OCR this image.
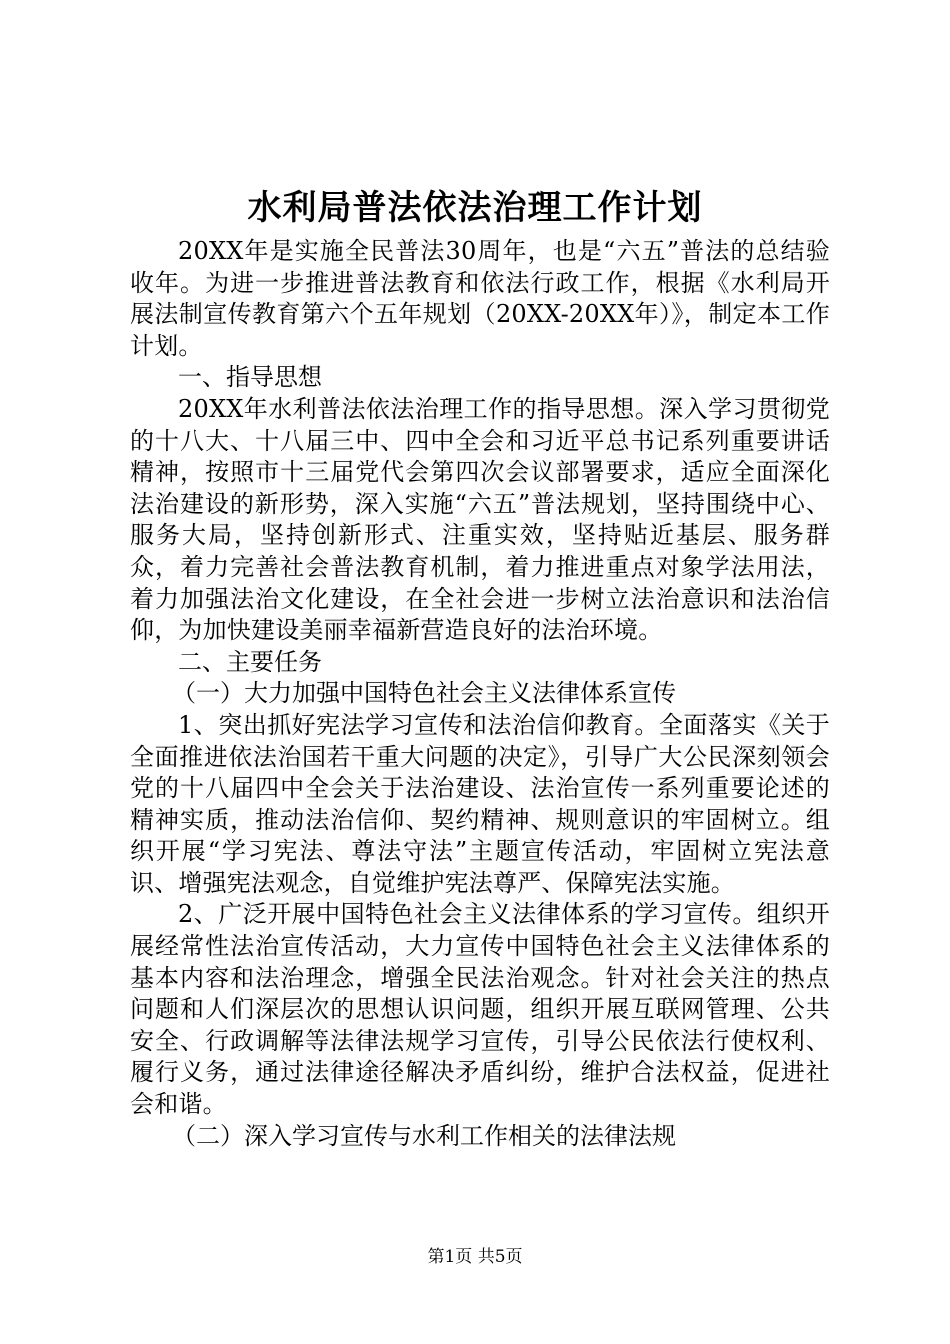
水利局普法依法治理工作计划

20XX年是实施全民普法30周年，也是“六五”普法的总结验收年。为进一步推进普法教育和依法行政工作，根据《水利局开展法制宣传教育第六个五年规划（20XX-20XX年）》，制定本工作计划。

一、指导思想

20XX年水利普法依法治理工作的指导思想。深入学习贯彻党的十八大、十八届三中、四中全会和习近平总书记系列重要讲话精神，按照市十三届党代会第四次会议部署要求，适应全面深化法治建设的新形势，深入实施“六五”普法规划，坚持围绕中心、服务大局，坚持创新形式、注重实效，坚持贴近基层、服务群众，着力完善社会普法教育机制，着力推进重点对象学法用法，着力加强法治文化建设，在全社会进一步树立法治意识和法治信仰，为加快建设美丽幸福新营造良好的法治环境。

二、主要任务

（一）大力加强中国特色社会主义法律体系宣传

1、突出抓好宪法学习宣传和法治信仰教育。全面落实《关于全面推进依法治国若干重大问题的决定》，引导广大公民深刻领会党的十八届四中全会关于法治建设、法治宣传一系列重要论述的精神实质，推动法治信仰、契约精神、规则意识的牢固树立。组织开展“学习宪法、尊法守法”主题宣传活动，牢固树立宪法意识、增强宪法观念，自觉维护宪法尊严、保障宪法实施。

2、广泛开展中国特色社会主义法律体系的学习宣传。组织开展经常性法治宣传活动，大力宣传中国特色社会主义法律体系的基本内容和法治理念，增强全民法治观念。针对社会关注的热点问题和人们深层次的思想认识问题，组织开展互联网管理、公共安全、行政调解等法律法规学习宣传，引导公民依法行使权利、履行义务，通过法律途径解决矛盾纠纷，维护合法权益，促进社会和谐。

（二）深入学习宣传与水利工作相关的法律法规

第1页 共5页
